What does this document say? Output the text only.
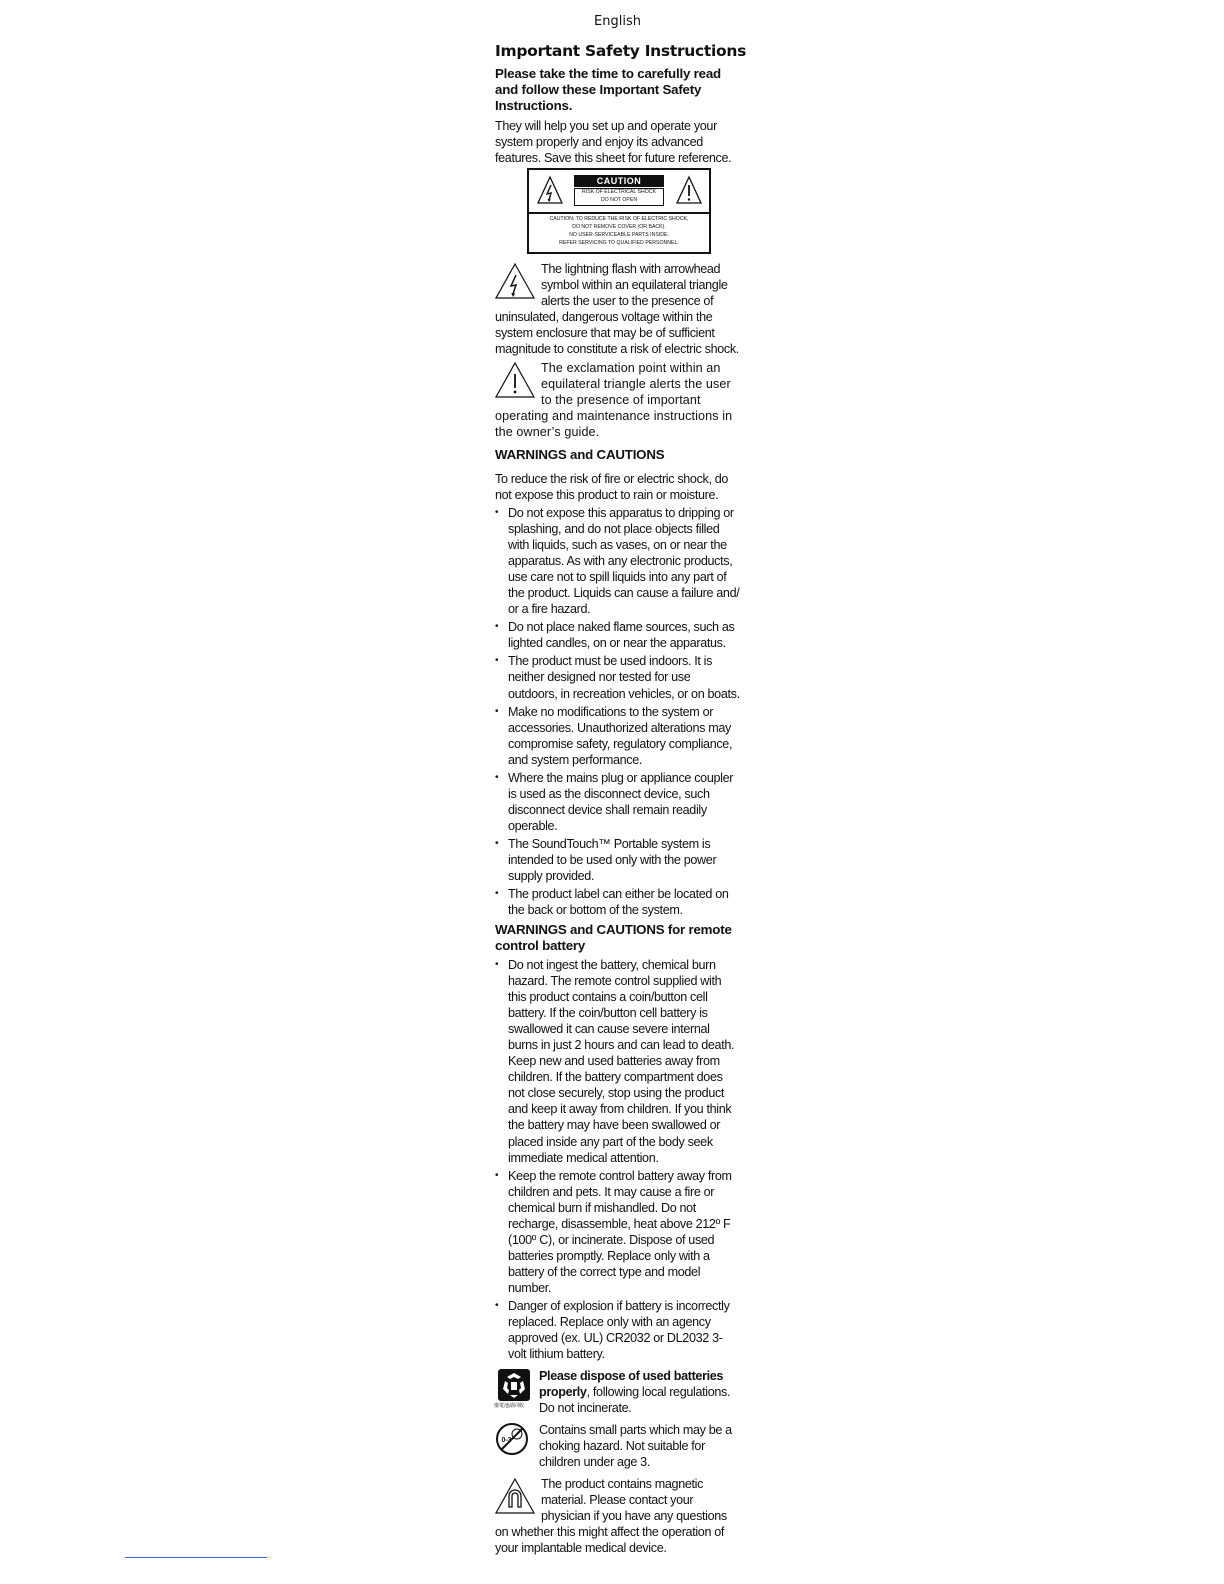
English
Important Safety Instructions
Please take the time to carefully read and follow these Important Safety Instructions.

They will help you set up and operate your system properly and enjoy its advanced features. Save this sheet for future reference.

CAUTION
RISK OF ELECTRICAL SHOCK
DO NOT OPEN
CAUTION: TO REDUCE THE RISK OF ELECTRIC SHOCK,
DO NOT REMOVE COVER (OR BACK).
NO USER-SERVICEABLE PARTS INSIDE.
REFER SERVICING TO QUALIFIED PERSONNEL.

The lightning flash with arrowhead symbol within an equilateral triangle alerts the user to the presence of uninsulated, dangerous voltage within the system enclosure that may be of sufficient magnitude to constitute a risk of electric shock.

The exclamation point within an equilateral triangle alerts the user to the presence of important operating and maintenance instructions in the owner’s guide.

WARNINGS and CAUTIONS

To reduce the risk of fire or electric shock, do not expose this product to rain or moisture.

• Do not expose this apparatus to dripping or splashing, and do not place objects filled with liquids, such as vases, on or near the apparatus. As with any electronic products, use care not to spill liquids into any part of the product. Liquids can cause a failure and/ or a fire hazard.
• Do not place naked flame sources, such as lighted candles, on or near the apparatus.
• The product must be used indoors. It is neither designed nor tested for use outdoors, in recreation vehicles, or on boats.
• Make no modifications to the system or accessories. Unauthorized alterations may compromise safety, regulatory compliance, and system performance.
• Where the mains plug or appliance coupler is used as the disconnect device, such disconnect device shall remain readily operable.
• The SoundTouch™ Portable system is intended to be used only with the power supply provided.
• The product label can either be located on the back or bottom of the system.
WARNINGS and CAUTIONS for remote control battery
• Do not ingest the battery, chemical burn hazard. The remote control supplied with this product contains a coin/button cell battery. If the coin/button cell battery is swallowed it can cause severe internal burns in just 2 hours and can lead to death. Keep new and used batteries away from children. If the battery compartment does not close securely, stop using the product and keep it away from children. If you think the battery may have been swallowed or placed inside any part of the body seek immediate medical attention.
• Keep the remote control battery away from children and pets. It may cause a fire or chemical burn if mishandled. Do not recharge, disassemble, heat above 212º F (100º C), or incinerate. Dispose of used batteries promptly. Replace only with a battery of the correct type and model number.
• Danger of explosion if battery is incorrectly replaced. Replace only with an agency approved (ex. UL) CR2032 or DL2032 3-volt lithium battery.
廢電池請回收

Please dispose of used batteries properly, following local regulations. Do not incinerate.

0-3

Contains small parts which may be a choking hazard. Not suitable for children under age 3.

The product contains magnetic material. Please contact your physician if you have any questions on whether this might affect the operation of your implantable medical device.
